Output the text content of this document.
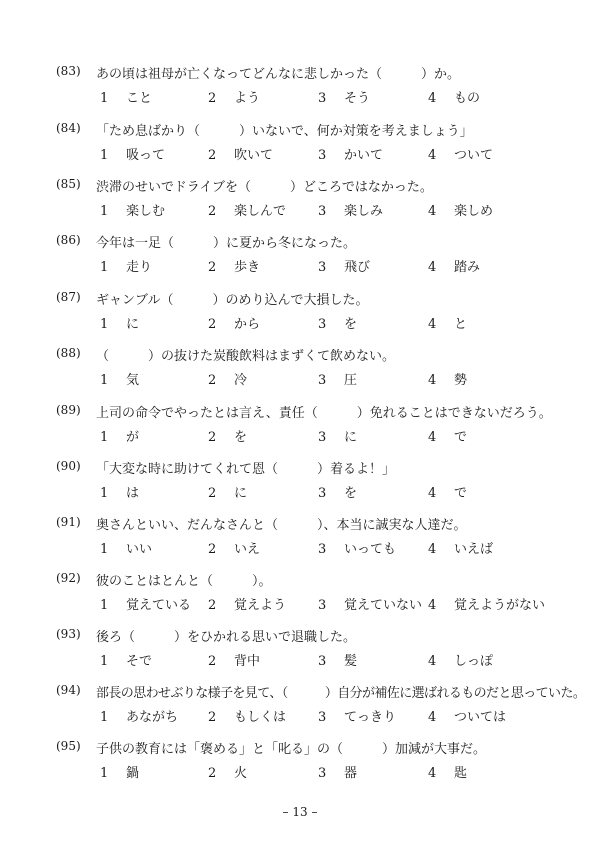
(83) あの頃は祖母が亡くなってどんなに悲しかった（　　　）か。
1 こと	2 よう	3 そう	4 もの
(84) 「ため息ばかり（　　　）いないで、何か対策を考えましょう」
1 吸って	2 吹いて	3 かいて	4 ついて
(85) 渋滞のせいでドライブを（　　　）どころではなかった。
1 楽しむ	2 楽しんで 3 楽しみ	4 楽しめ
(86) 今年は一足（　　　）に夏から冬になった。
1 走り	2 歩き	3 飛び	4 踏み
(87) ギャンブル（　　　）のめり込んで大損した。
1 に	2 から	3 を	4 と
(88) （　　　）の抜けた炭酸飲料はまずくて飲めない。
1 気	2 冷	3 圧	4 勢
(89) 上司の命令でやったとは言え、責任（　　　）免れることはできないだろう。
1 が	2 を	3 に	4 で
(90) 「大変な時に助けてくれて恩（　　　）着るよ！」
1 は	2 に	3 を	4 で
(91) 奥さんといい、だんなさんと（　　　）、本当に誠実な人達だ。
1 いい	2 いえ	3 いっても 4 いえば
(92) 彼のことはとんと（　　　）。
1 覚えている 2 覚えよう 3 覚えていない 4 覚えようがない
(93) 後ろ（　　　）をひかれる思いで退職した。
1 そで	2 背中	3 髪	4 しっぽ
(94) 部長の思わせぶりな様子を見て、（　　　）自分が補佐に選ばれるものだと思っていた。
1 あながち 2 もしくは 3 てっきり 4 ついては
(95) 子供の教育には「褒める」と「叱る」の（　　　）加減が大事だ。
1 鍋	2 火	3 器	4 匙
– 13 –
